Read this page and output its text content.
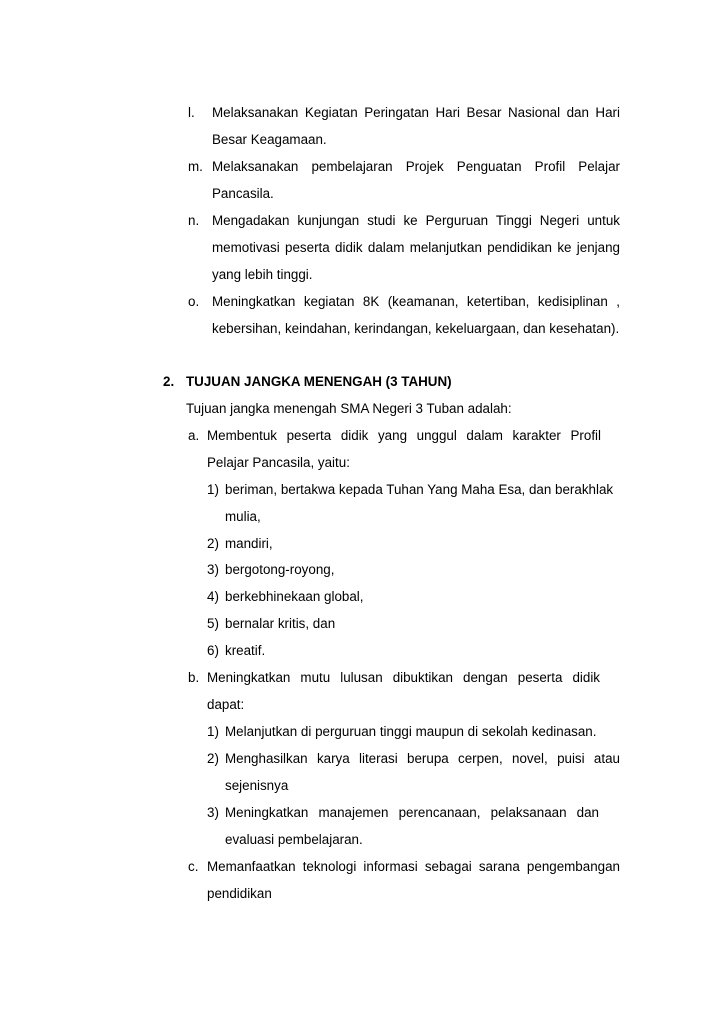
l. Melaksanakan Kegiatan Peringatan Hari Besar Nasional dan Hari
Besar Keagamaan.
m. Melaksanakan pembelajaran Projek Penguatan Profil Pelajar
Pancasila.
n. Mengadakan kunjungan studi ke Perguruan Tinggi Negeri untuk
memotivasi peserta didik dalam melanjutkan pendidikan ke jenjang
yang lebih tinggi.
o. Meningkatkan kegiatan 8K (keamanan, ketertiban, kedisiplinan ,
kebersihan, keindahan, kerindangan, kekeluargaan, dan kesehatan).
2. TUJUAN JANGKA MENENGAH (3 TAHUN)
Tujuan jangka menengah SMA Negeri 3 Tuban adalah:
a. Membentuk peserta didik yang unggul dalam karakter Profil
Pelajar Pancasila, yaitu:
1) beriman, bertakwa kepada Tuhan Yang Maha Esa, dan berakhlak
mulia,
2) mandiri,
3) bergotong-royong,
4) berkebhinekaan global,
5) bernalar kritis, dan
6) kreatif.
b. Meningkatkan mutu lulusan dibuktikan dengan peserta didik
dapat:
1) Melanjutkan di perguruan tinggi maupun di sekolah kedinasan.
2) Menghasilkan karya literasi berupa cerpen, novel, puisi atau
sejenisnya
3) Meningkatkan manajemen perencanaan, pelaksanaan dan
evaluasi pembelajaran.
c. Memanfaatkan teknologi informasi sebagai sarana pengembangan
pendidikan
